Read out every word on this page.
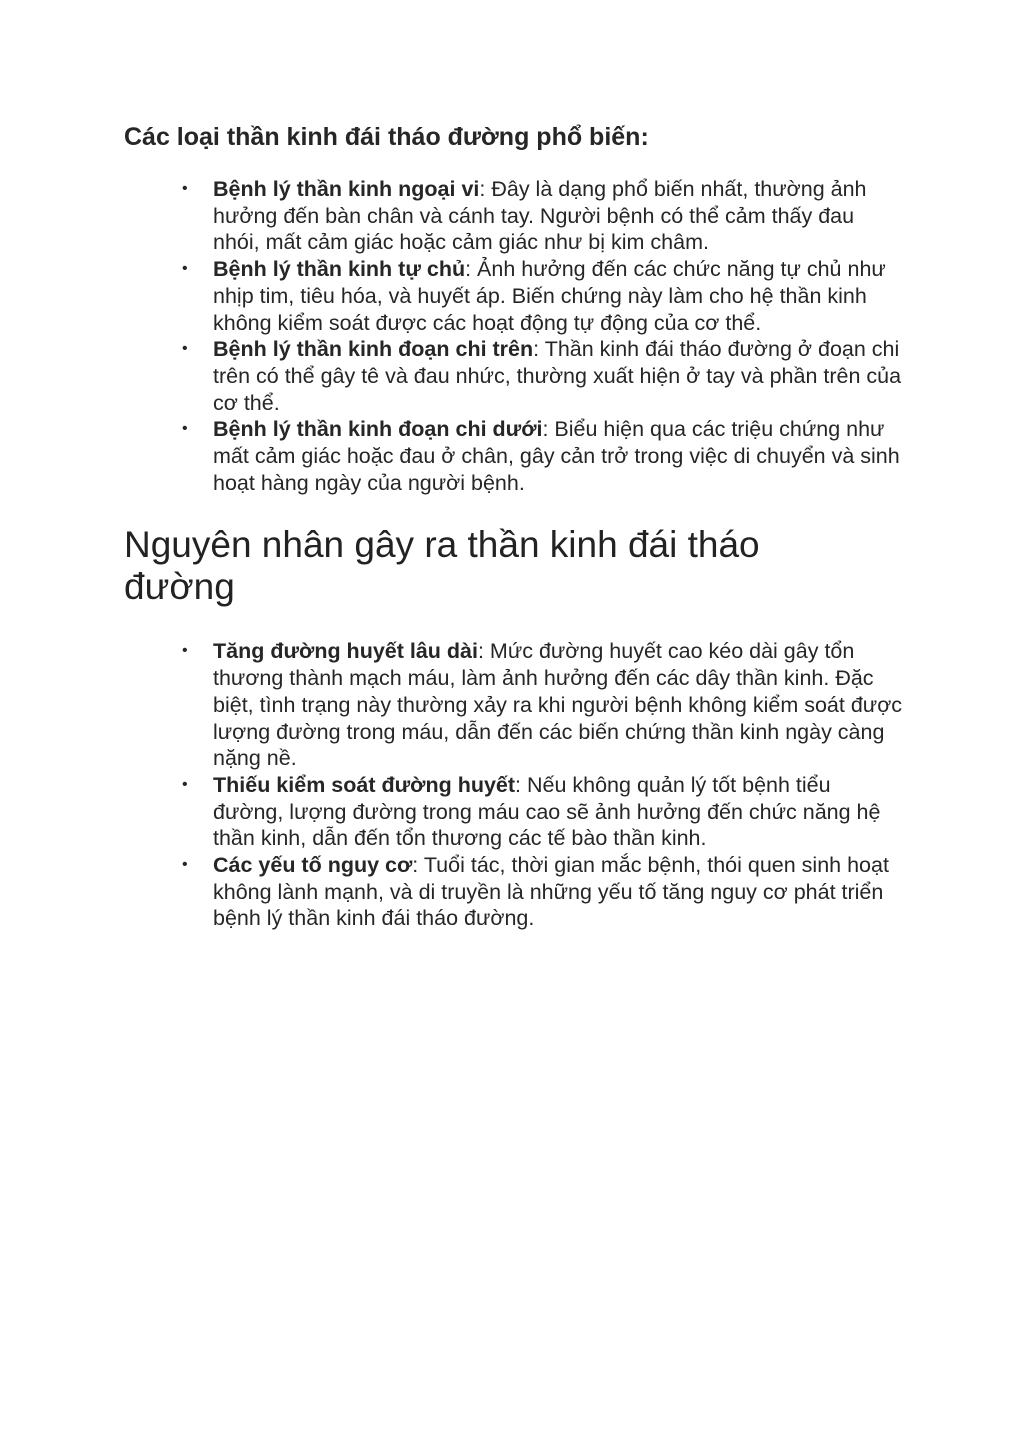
Các loại thần kinh đái tháo đường phổ biến:
• Bệnh lý thần kinh ngoại vi: Đây là dạng phổ biến nhất, thường ảnh hưởng đến bàn chân và cánh tay. Người bệnh có thể cảm thấy đau nhói, mất cảm giác hoặc cảm giác như bị kim châm.
• Bệnh lý thần kinh tự chủ: Ảnh hưởng đến các chức năng tự chủ như nhịp tim, tiêu hóa, và huyết áp. Biến chứng này làm cho hệ thần kinh không kiểm soát được các hoạt động tự động của cơ thể.
• Bệnh lý thần kinh đoạn chi trên: Thần kinh đái tháo đường ở đoạn chi trên có thể gây tê và đau nhức, thường xuất hiện ở tay và phần trên của cơ thể.
• Bệnh lý thần kinh đoạn chi dưới: Biểu hiện qua các triệu chứng như mất cảm giác hoặc đau ở chân, gây cản trở trong việc di chuyển và sinh hoạt hàng ngày của người bệnh.
Nguyên nhân gây ra thần kinh đái tháo đường
• Tăng đường huyết lâu dài: Mức đường huyết cao kéo dài gây tổn thương thành mạch máu, làm ảnh hưởng đến các dây thần kinh. Đặc biệt, tình trạng này thường xảy ra khi người bệnh không kiểm soát được lượng đường trong máu, dẫn đến các biến chứng thần kinh ngày càng nặng nề.
• Thiếu kiểm soát đường huyết: Nếu không quản lý tốt bệnh tiểu đường, lượng đường trong máu cao sẽ ảnh hưởng đến chức năng hệ thần kinh, dẫn đến tổn thương các tế bào thần kinh.
• Các yếu tố nguy cơ: Tuổi tác, thời gian mắc bệnh, thói quen sinh hoạt không lành mạnh, và di truyền là những yếu tố tăng nguy cơ phát triển bệnh lý thần kinh đái tháo đường.
